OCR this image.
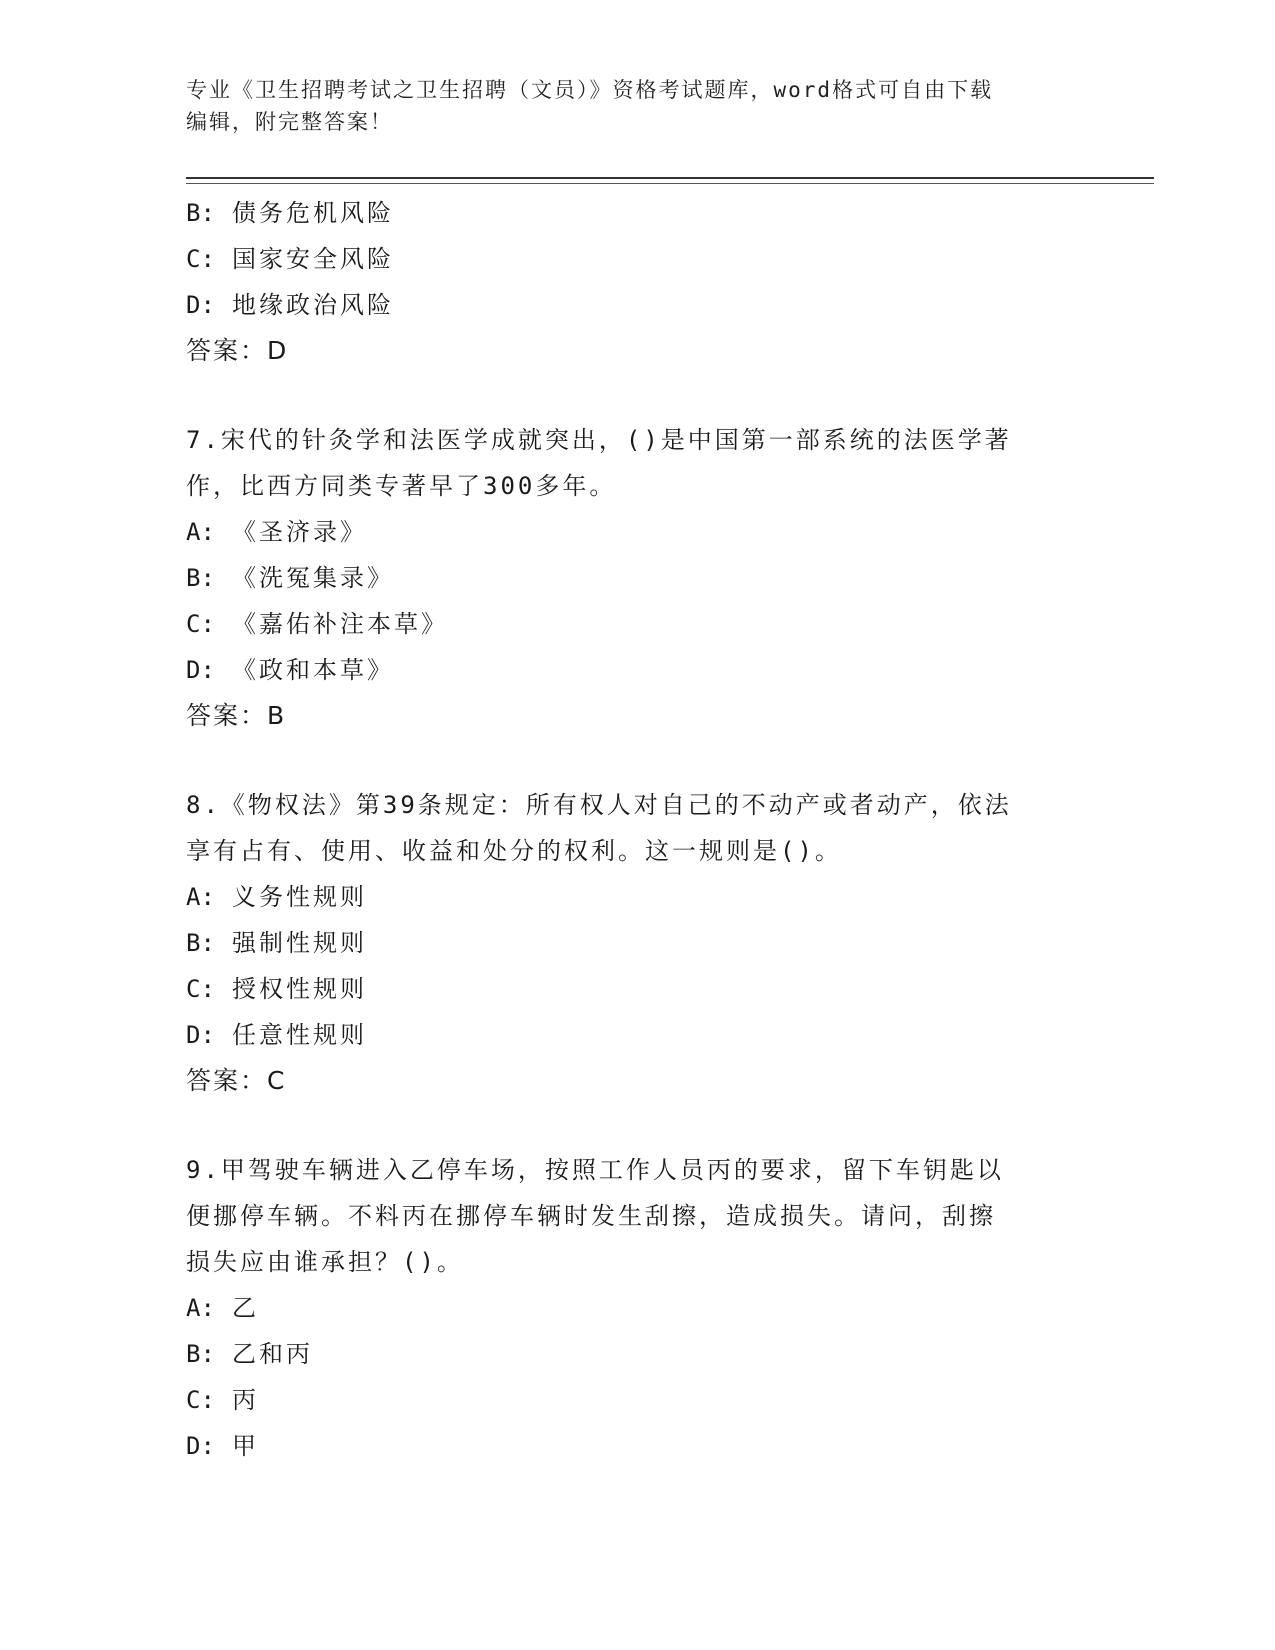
专业《卫生招聘考试之卫生招聘（文员）》资格考试题库，word格式可自由下载
编辑，附完整答案！
B: 债务危机风险
C: 国家安全风险
D: 地缘政治风险
答案：D
7.宋代的针灸学和法医学成就突出，()是中国第一部系统的法医学著
作，比西方同类专著早了300多年。
A: 《圣济录》
B: 《洗冤集录》
C: 《嘉佑补注本草》
D: 《政和本草》
答案：B
8.《物权法》第39条规定：所有权人对自己的不动产或者动产，依法
享有占有、使用、收益和处分的权利。这一规则是()。
A: 义务性规则
B: 强制性规则
C: 授权性规则
D: 任意性规则
答案：C
9.甲驾驶车辆进入乙停车场，按照工作人员丙的要求，留下车钥匙以
便挪停车辆。不料丙在挪停车辆时发生刮擦，造成损失。请问，刮擦
损失应由谁承担？()。
A: 乙
B: 乙和丙
C: 丙
D: 甲
